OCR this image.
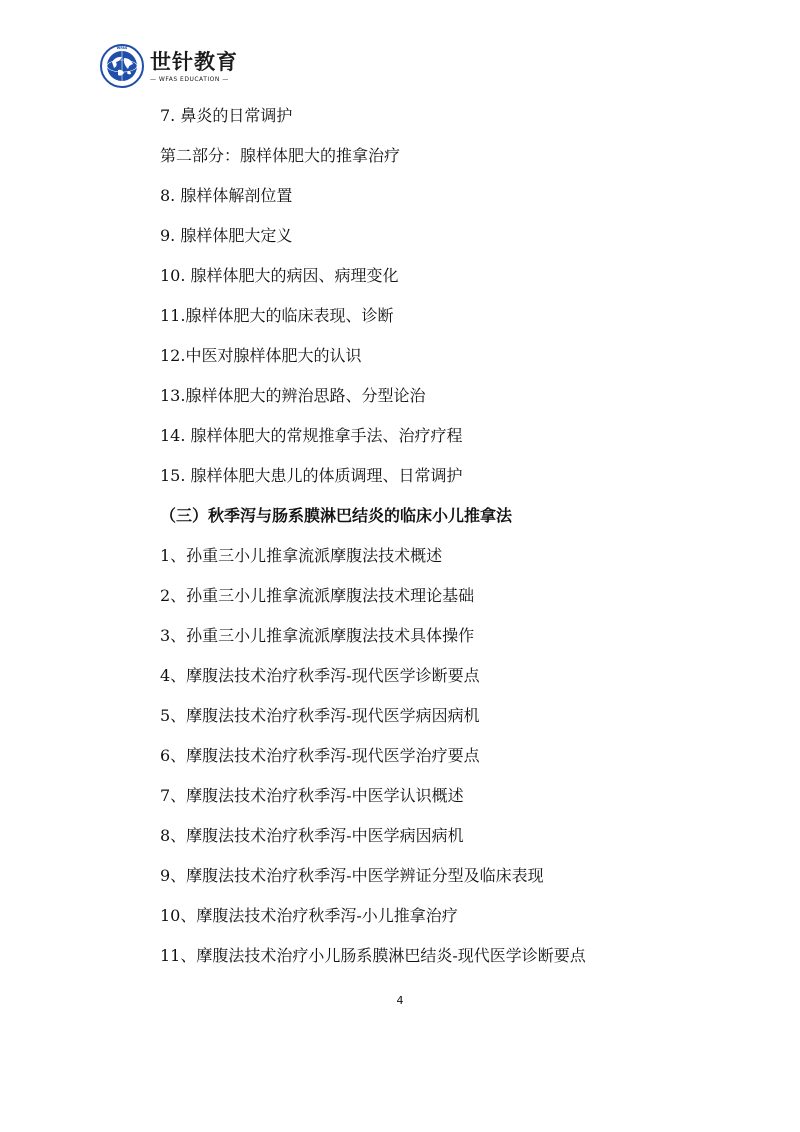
WFAS
世针教育
— WFAS EDUCATION —
7. 鼻炎的日常调护
第二部分：腺样体肥大的推拿治疗
8. 腺样体解剖位置
9. 腺样体肥大定义
10. 腺样体肥大的病因、病理变化
11.腺样体肥大的临床表现、诊断
12.中医对腺样体肥大的认识
13.腺样体肥大的辨治思路、分型论治
14. 腺样体肥大的常规推拿手法、治疗疗程
15. 腺样体肥大患儿的体质调理、日常调护
（三）秋季泻与肠系膜淋巴结炎的临床小儿推拿法
1、孙重三小儿推拿流派摩腹法技术概述
2、孙重三小儿推拿流派摩腹法技术理论基础
3、孙重三小儿推拿流派摩腹法技术具体操作
4、摩腹法技术治疗秋季泻-现代医学诊断要点
5、摩腹法技术治疗秋季泻-现代医学病因病机
6、摩腹法技术治疗秋季泻-现代医学治疗要点
7、摩腹法技术治疗秋季泻-中医学认识概述
8、摩腹法技术治疗秋季泻-中医学病因病机
9、摩腹法技术治疗秋季泻-中医学辨证分型及临床表现
10、摩腹法技术治疗秋季泻-小儿推拿治疗
11、摩腹法技术治疗小儿肠系膜淋巴结炎-现代医学诊断要点
4
